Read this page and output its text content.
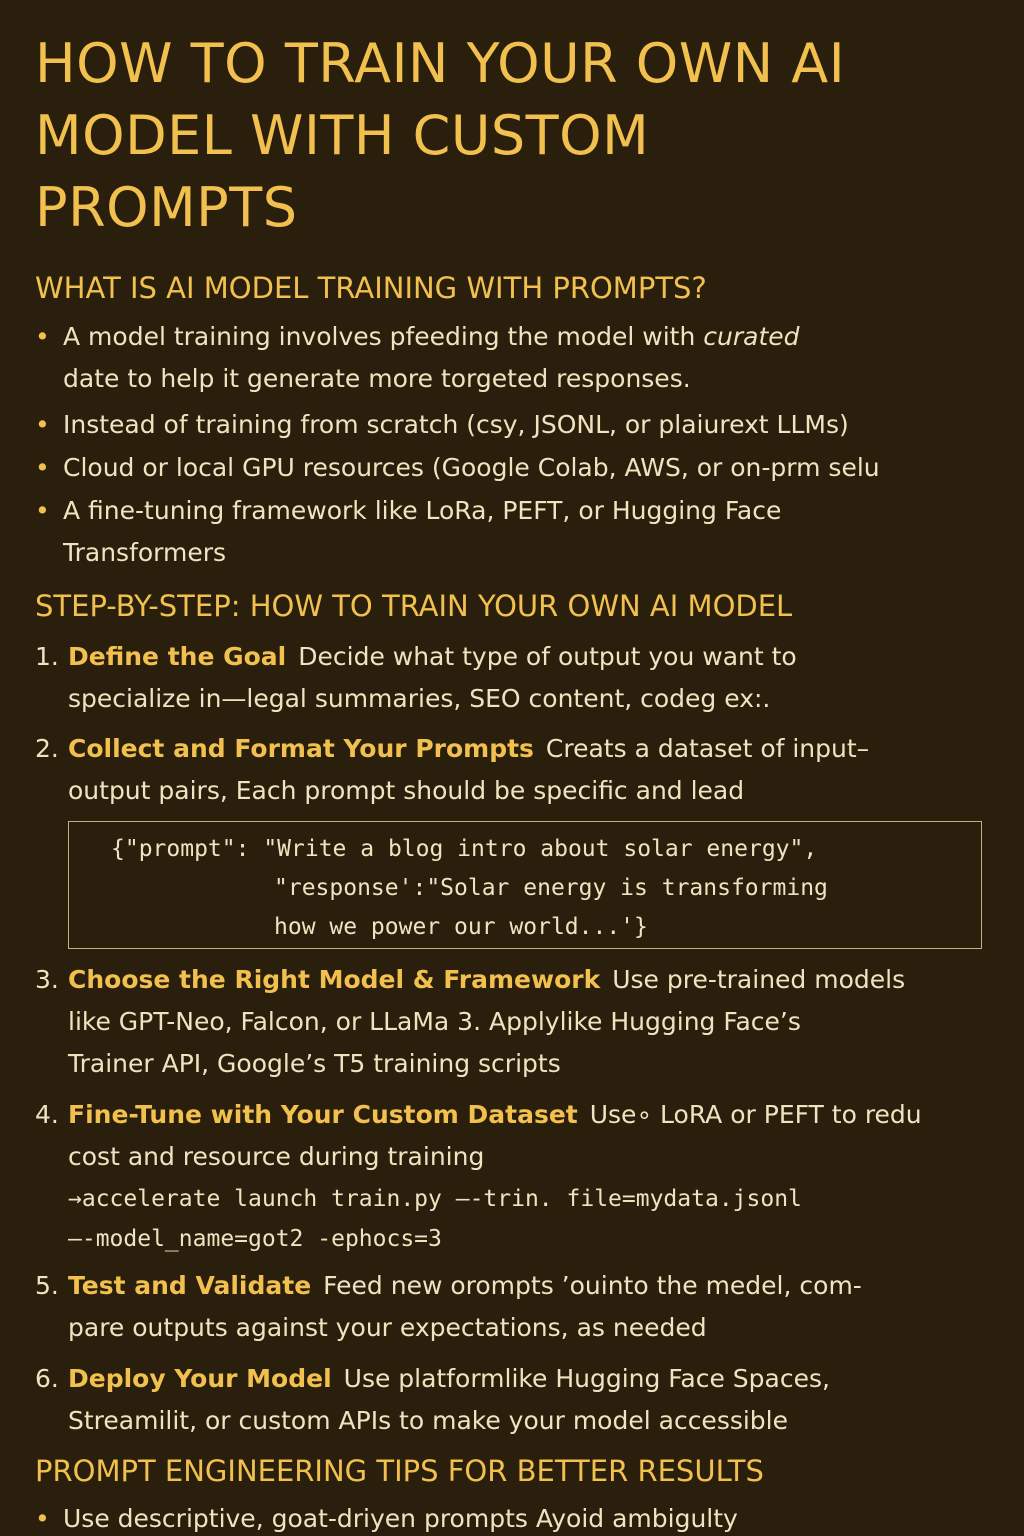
HOW TO TRAIN YOUR OWN AI
MODEL WITH CUSTOM
PROMPTS
WHAT IS AI MODEL TRAINING WITH PROMPTS?
• A model training involves pfeeding the model with curated
date to help it generate more torgeted responses.
• Instead of training from scratch (csy, JSONL, or plaiurext LLMs)
• Cloud or local GPU resources (Google Colab, AWS, or on-prm selu
• A fine-tuning framework like LoRa, PEFT, or Hugging Face
Transformers
STEP-BY-STEP: HOW TO TRAIN YOUR OWN AI MODEL
1. Define the Goal Decide what type of output you want to
specialize in—legal summaries, SEO content, codeg ex:.
2. Collect and Format Your Prompts Creats a dataset of input–
output pairs, Each prompt should be specific and lead
{"prompt": "Write a blog intro about solar energy",
"response':"Solar energy is transforming
how we power our world...'}
3. Choose the Right Model & Framework Use pre-trained models
like GPT-Neo, Falcon, or LLaMa 3. Applylike Hugging Face’s
Trainer API, Google’s T5 training scripts
4. Fine-Tune with Your Custom Dataset Use∘ LoRA or PEFT to redu
cost and resource during training
→accelerate launch train.py —-trin. file=mydata.jsonl
—-model_name=got2 -ephocs=3
5. Test and Validate Feed new orompts ’ouinto the medel, com-
pare outputs against your expectations, as needed
6. Deploy Your Model Use platformlike Hugging Face Spaces,
Streamilit, or custom APIs to make your model accessible
PROMPT ENGINEERING TIPS FOR BETTER RESULTS
• Use descriptive, goat-driyen prompts Ayoid ambigulty
